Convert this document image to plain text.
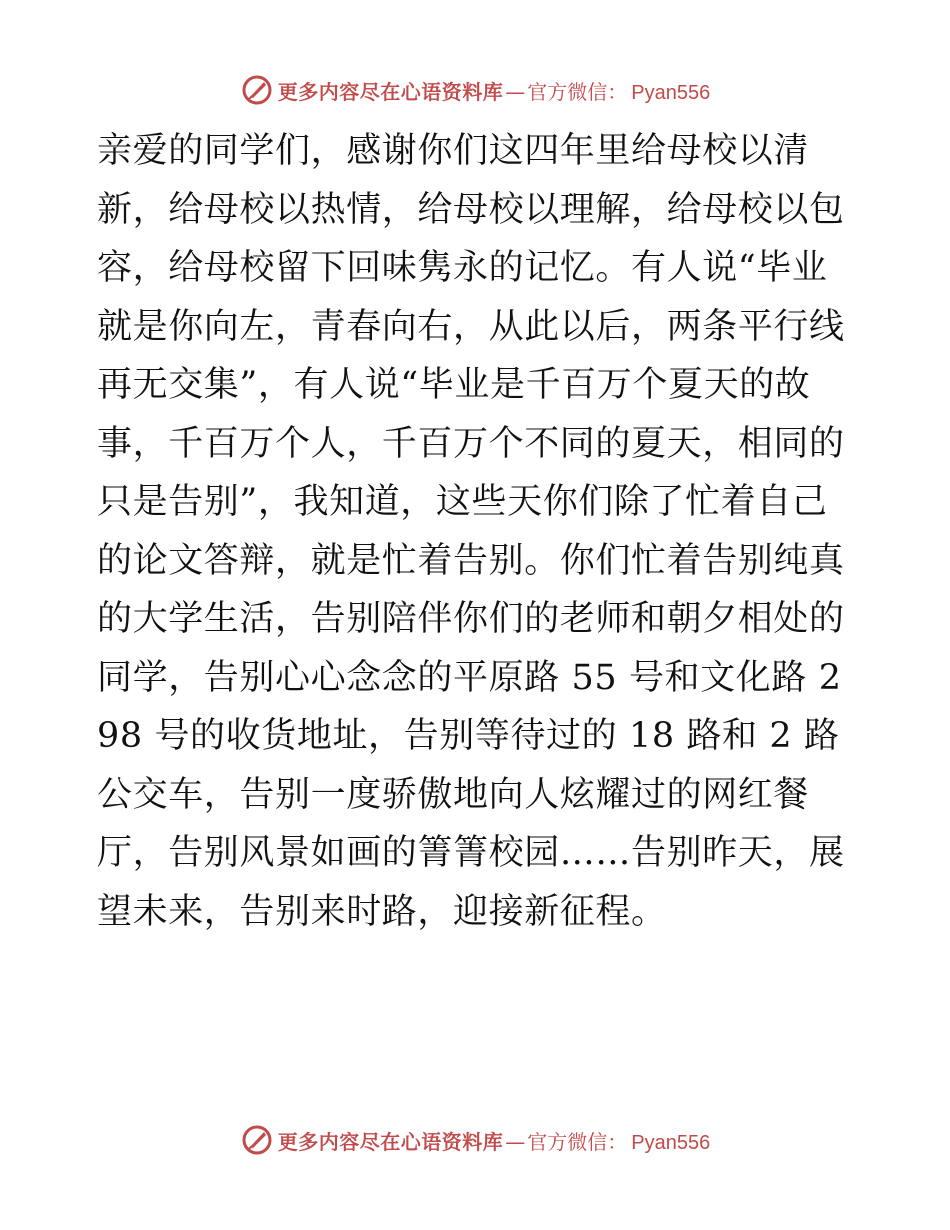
更多内容尽在心语资料库 — 官方微信： Pyan556

亲爱的同学们，感谢你们这四年里给母校以清新，给母校以热情，给母校以理解，给母校以包容，给母校留下回味隽永的记忆。有人说“毕业就是你向左，青春向右，从此以后，两条平行线再无交集”，有人说“毕业是千百万个夏天的故事，千百万个人，千百万个不同的夏天，相同的只是告别”，我知道，这些天你们除了忙着自己的论文答辩，就是忙着告别。你们忙着告别纯真的大学生活，告别陪伴你们的老师和朝夕相处的同学，告别心心念念的平原路 55 号和文化路 298 号的收货地址，告别等待过的 18 路和 2 路公交车，告别一度骄傲地向人炫耀过的网红餐厅，告别风景如画的箐箐校园……告别昨天，展望未来，告别来时路，迎接新征程。

更多内容尽在心语资料库 — 官方微信： Pyan556
